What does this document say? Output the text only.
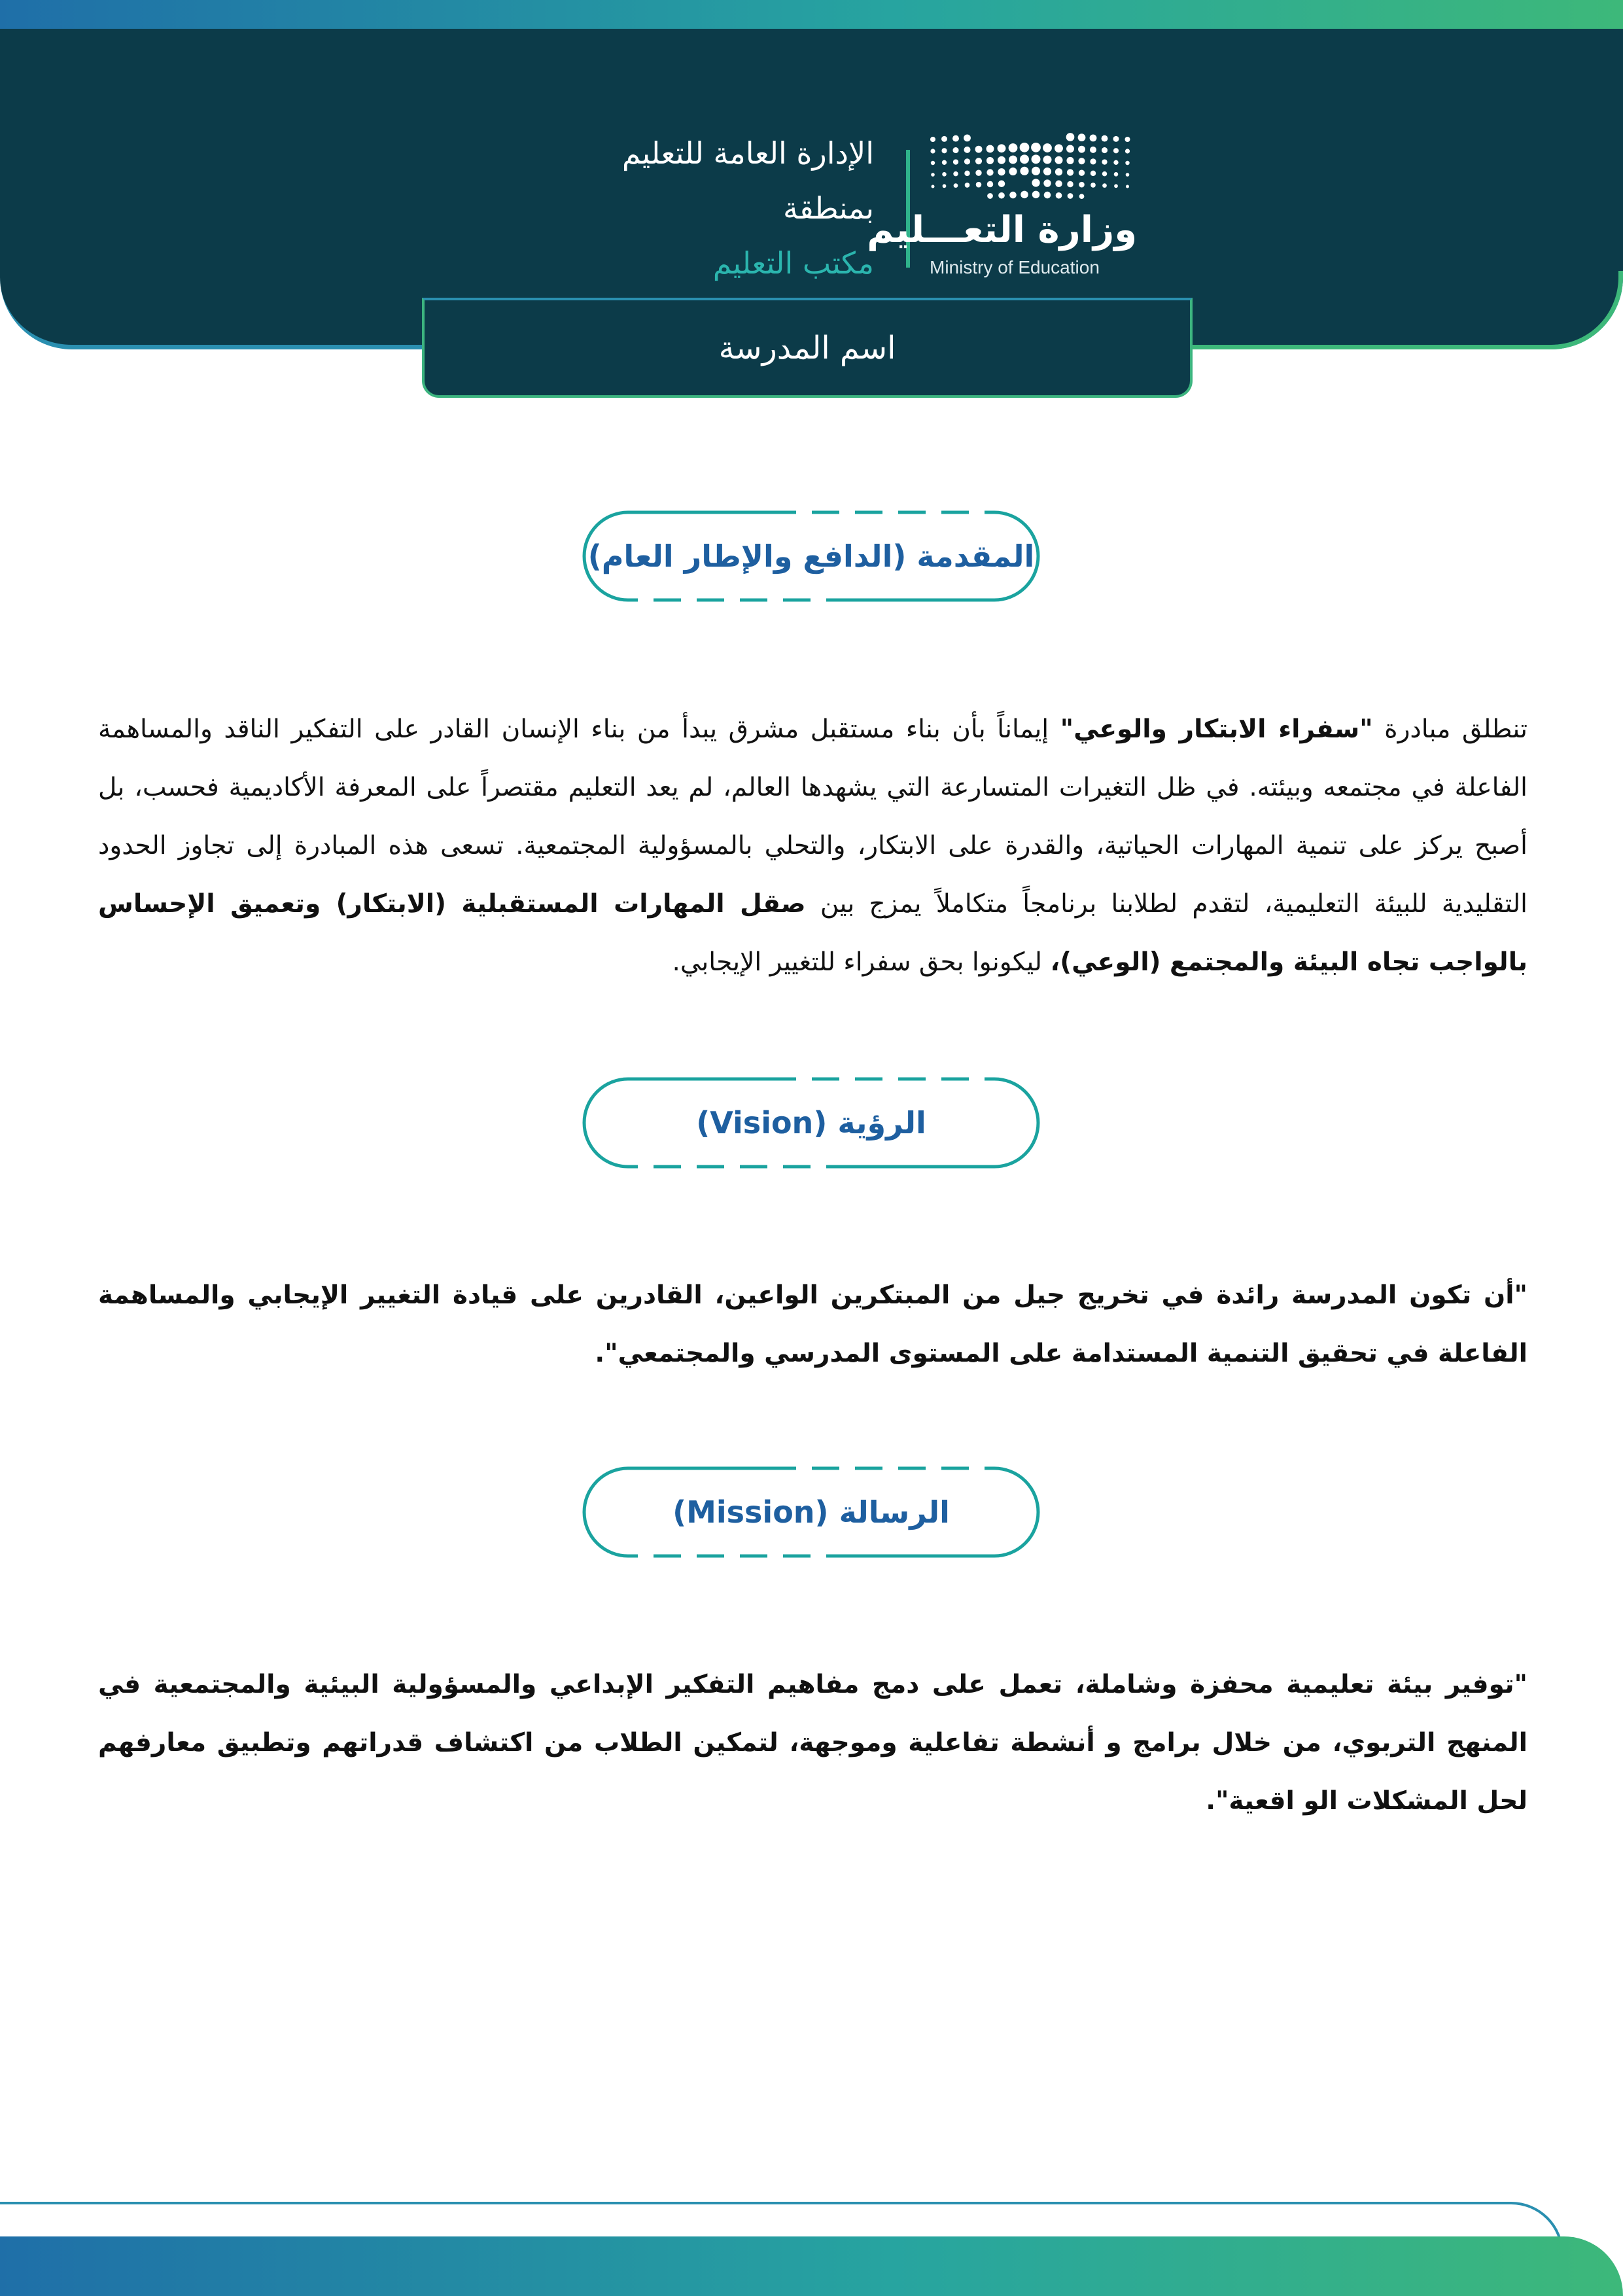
الإدارة العامة للتعليم
بمنطقة
مكتب التعليم
وزارة التعـــليم
Ministry of Education
اسم المدرسة
المقدمة (الدافع والإطار العام)
تنطلق مبادرة "سفراء الابتكار والوعي" إيماناً بأن بناء مستقبل مشرق يبدأ من بناء الإنسان القادر على التفكير الناقد والمساهمة الفاعلة في مجتمعه وبيئته. في ظل التغيرات المتسارعة التي يشهدها العالم، لم يعد التعليم مقتصراً على المعرفة الأكاديمية فحسب، بل أصبح يركز على تنمية المهارات الحياتية، والقدرة على الابتكار، والتحلي بالمسؤولية المجتمعية. تسعى هذه المبادرة إلى تجاوز الحدود التقليدية للبيئة التعليمية، لتقدم لطلابنا برنامجاً متكاملاً يمزج بين صقل المهارات المستقبلية (الابتكار) وتعميق الإحساس بالواجب تجاه البيئة والمجتمع (الوعي)، ليكونوا بحق سفراء للتغيير الإيجابي.
الرؤية (Vision)
"أن تكون المدرسة رائدة في تخريج جيل من المبتكرين الواعين، القادرين على قيادة التغيير الإيجابي والمساهمة الفاعلة في تحقيق التنمية المستدامة على المستوى المدرسي والمجتمعي".
الرسالة (Mission)
"توفير بيئة تعليمية محفزة وشاملة، تعمل على دمج مفاهيم التفكير الإبداعي والمسؤولية البيئية والمجتمعية في المنهج التربوي، من خلال برامج و أنشطة تفاعلية وموجهة، لتمكين الطلاب من اكتشاف قدراتهم وتطبيق معارفهم لحل المشكلات الو اقعية".
